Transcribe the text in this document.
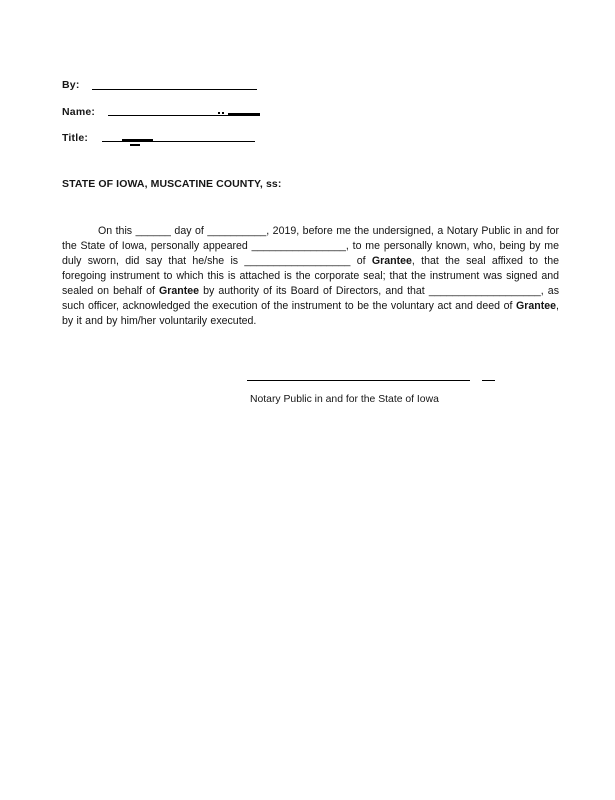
By:
Name:
Title:
STATE OF IOWA, MUSCATINE COUNTY, ss:
On this ______ day of __________, 2019, before me the undersigned, a Notary Public in and for the State of Iowa, personally appeared ________________, to me personally known, who, being by me duly sworn, did say that he/she is __________________ of Grantee, that the seal affixed to the foregoing instrument to which this is attached is the corporate seal; that the instrument was signed and sealed on behalf of Grantee by authority of its Board of Directors, and that ___________________, as such officer, acknowledged the execution of the instrument to be the voluntary act and deed of Grantee, by it and by him/her voluntarily executed.
Notary Public in and for the State of Iowa
